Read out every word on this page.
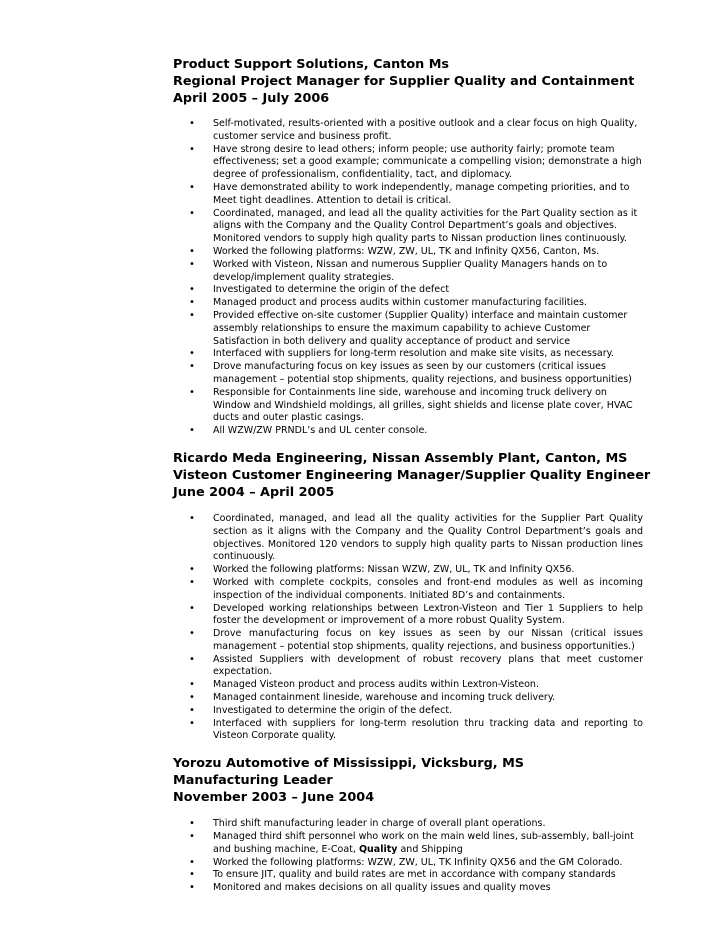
Product Support Solutions, Canton Ms
Regional Project Manager for Supplier Quality and Containment
April 2005 – July 2006
• Self-motivated, results-oriented with a positive outlook and a clear focus on high Quality, customer service and business profit.
• Have strong desire to lead others; inform people; use authority fairly; promote team effectiveness; set a good example; communicate a compelling vision; demonstrate a high degree of professionalism, confidentiality, tact, and diplomacy.
• Have demonstrated ability to work independently, manage competing priorities, and to Meet tight deadlines. Attention to detail is critical.
• Coordinated, managed, and lead all the quality activities for the Part Quality section as it aligns with the Company and the Quality Control Department’s goals and objectives. Monitored vendors to supply high quality parts to Nissan production lines continuously.
• Worked the following platforms: WZW, ZW, UL, TK and Infinity QX56, Canton, Ms.
• Worked with Visteon, Nissan and numerous Supplier Quality Managers hands on to develop/implement quality strategies.
• Investigated to determine the origin of the defect
• Managed product and process audits within customer manufacturing facilities.
• Provided effective on-site customer (Supplier Quality) interface and maintain customer assembly relationships to ensure the maximum capability to achieve Customer Satisfaction in both delivery and quality acceptance of product and service
• Interfaced with suppliers for long-term resolution and make site visits, as necessary.
• Drove manufacturing focus on key issues as seen by our customers (critical issues management – potential stop shipments, quality rejections, and business opportunities)
• Responsible for Containments line side, warehouse and incoming truck delivery on Window and Windshield moldings, all grilles, sight shields and license plate cover, HVAC ducts and outer plastic casings.
• All WZW/ZW PRNDL’s and UL center console.
Ricardo Meda Engineering, Nissan Assembly Plant, Canton, MS
Visteon Customer Engineering Manager/Supplier Quality Engineer
June 2004 – April 2005
• Coordinated, managed, and lead all the quality activities for the Supplier Part Quality section as it aligns with the Company and the Quality Control Department’s goals and objectives. Monitored 120 vendors to supply high quality parts to Nissan production lines continuously.
• Worked the following platforms: Nissan WZW, ZW, UL, TK and Infinity QX56.
• Worked with complete cockpits, consoles and front-end modules as well as incoming inspection of the individual components. Initiated 8D’s and containments.
• Developed working relationships between Lextron-Visteon and Tier 1 Suppliers to help foster the development or improvement of a more robust Quality System.
• Drove manufacturing focus on key issues as seen by our Nissan (critical issues management – potential stop shipments, quality rejections, and business opportunities.)
• Assisted Suppliers with development of robust recovery plans that meet customer expectation.
• Managed Visteon product and process audits within Lextron-Visteon.
• Managed containment lineside, warehouse and incoming truck delivery.
• Investigated to determine the origin of the defect.
• Interfaced with suppliers for long-term resolution thru tracking data and reporting to Visteon Corporate quality.
Yorozu Automotive of Mississippi, Vicksburg, MS
Manufacturing Leader
November 2003 – June 2004
• Third shift manufacturing leader in charge of overall plant operations.
• Managed third shift personnel who work on the main weld lines, sub-assembly, ball-joint and bushing machine, E-Coat, Quality and Shipping
• Worked the following platforms: WZW, ZW, UL, TK Infinity QX56 and the GM Colorado.
• To ensure JIT, quality and build rates are met in accordance with company standards
• Monitored and makes decisions on all quality issues and quality moves
